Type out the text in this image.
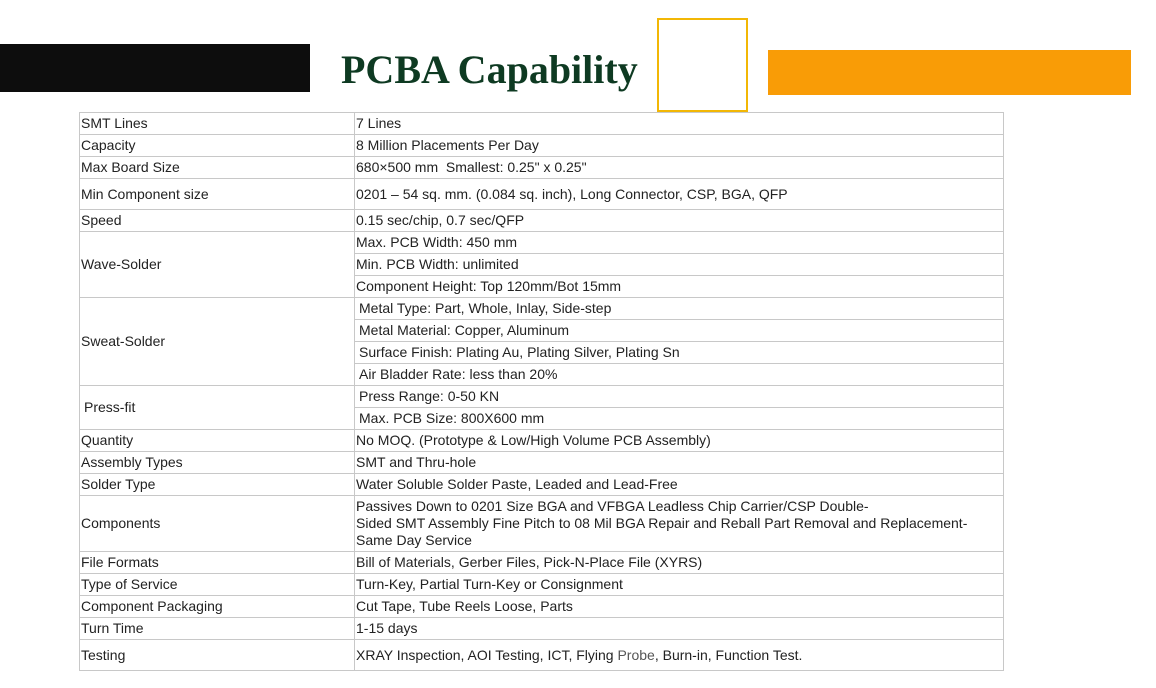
PCBA Capability
SMT Lines	7 Lines
Capacity	8 Million Placements Per Day
Max Board Size	680×500 mm  Smallest: 0.25" x 0.25"
Min Component size	0201 – 54 sq. mm. (0.084 sq. inch), Long Connector, CSP, BGA, QFP
Speed	0.15 sec/chip, 0.7 sec/QFP
Wave-Solder	Max. PCB Width: 450 mm
	Min. PCB Width: unlimited
	Component Height: Top 120mm/Bot 15mm
Sweat-Solder	Metal Type: Part, Whole, Inlay, Side-step
	Metal Material: Copper, Aluminum
	Surface Finish: Plating Au, Plating Silver, Plating Sn
	Air Bladder Rate: less than 20%
Press-fit	Press Range: 0-50 KN
	Max. PCB Size: 800X600 mm
Quantity	No MOQ. (Prototype & Low/High Volume PCB Assembly)
Assembly Types	SMT and Thru-hole
Solder Type	Water Soluble Solder Paste, Leaded and Lead-Free
Components	Passives Down to 0201 Size BGA and VFBGA Leadless Chip Carrier/CSP Double-
Sided SMT Assembly Fine Pitch to 08 Mil BGA Repair and Reball Part Removal and Replacement-
Same Day Service

File Formats	Bill of Materials, Gerber Files, Pick-N-Place File (XYRS)
Type of Service	Turn-Key, Partial Turn-Key or Consignment
Component Packaging	Cut Tape, Tube Reels Loose, Parts
Turn Time	1-15 days
Testing	XRAY Inspection, AOI Testing, ICT, Flying Probe, Burn-in, Function Test.
